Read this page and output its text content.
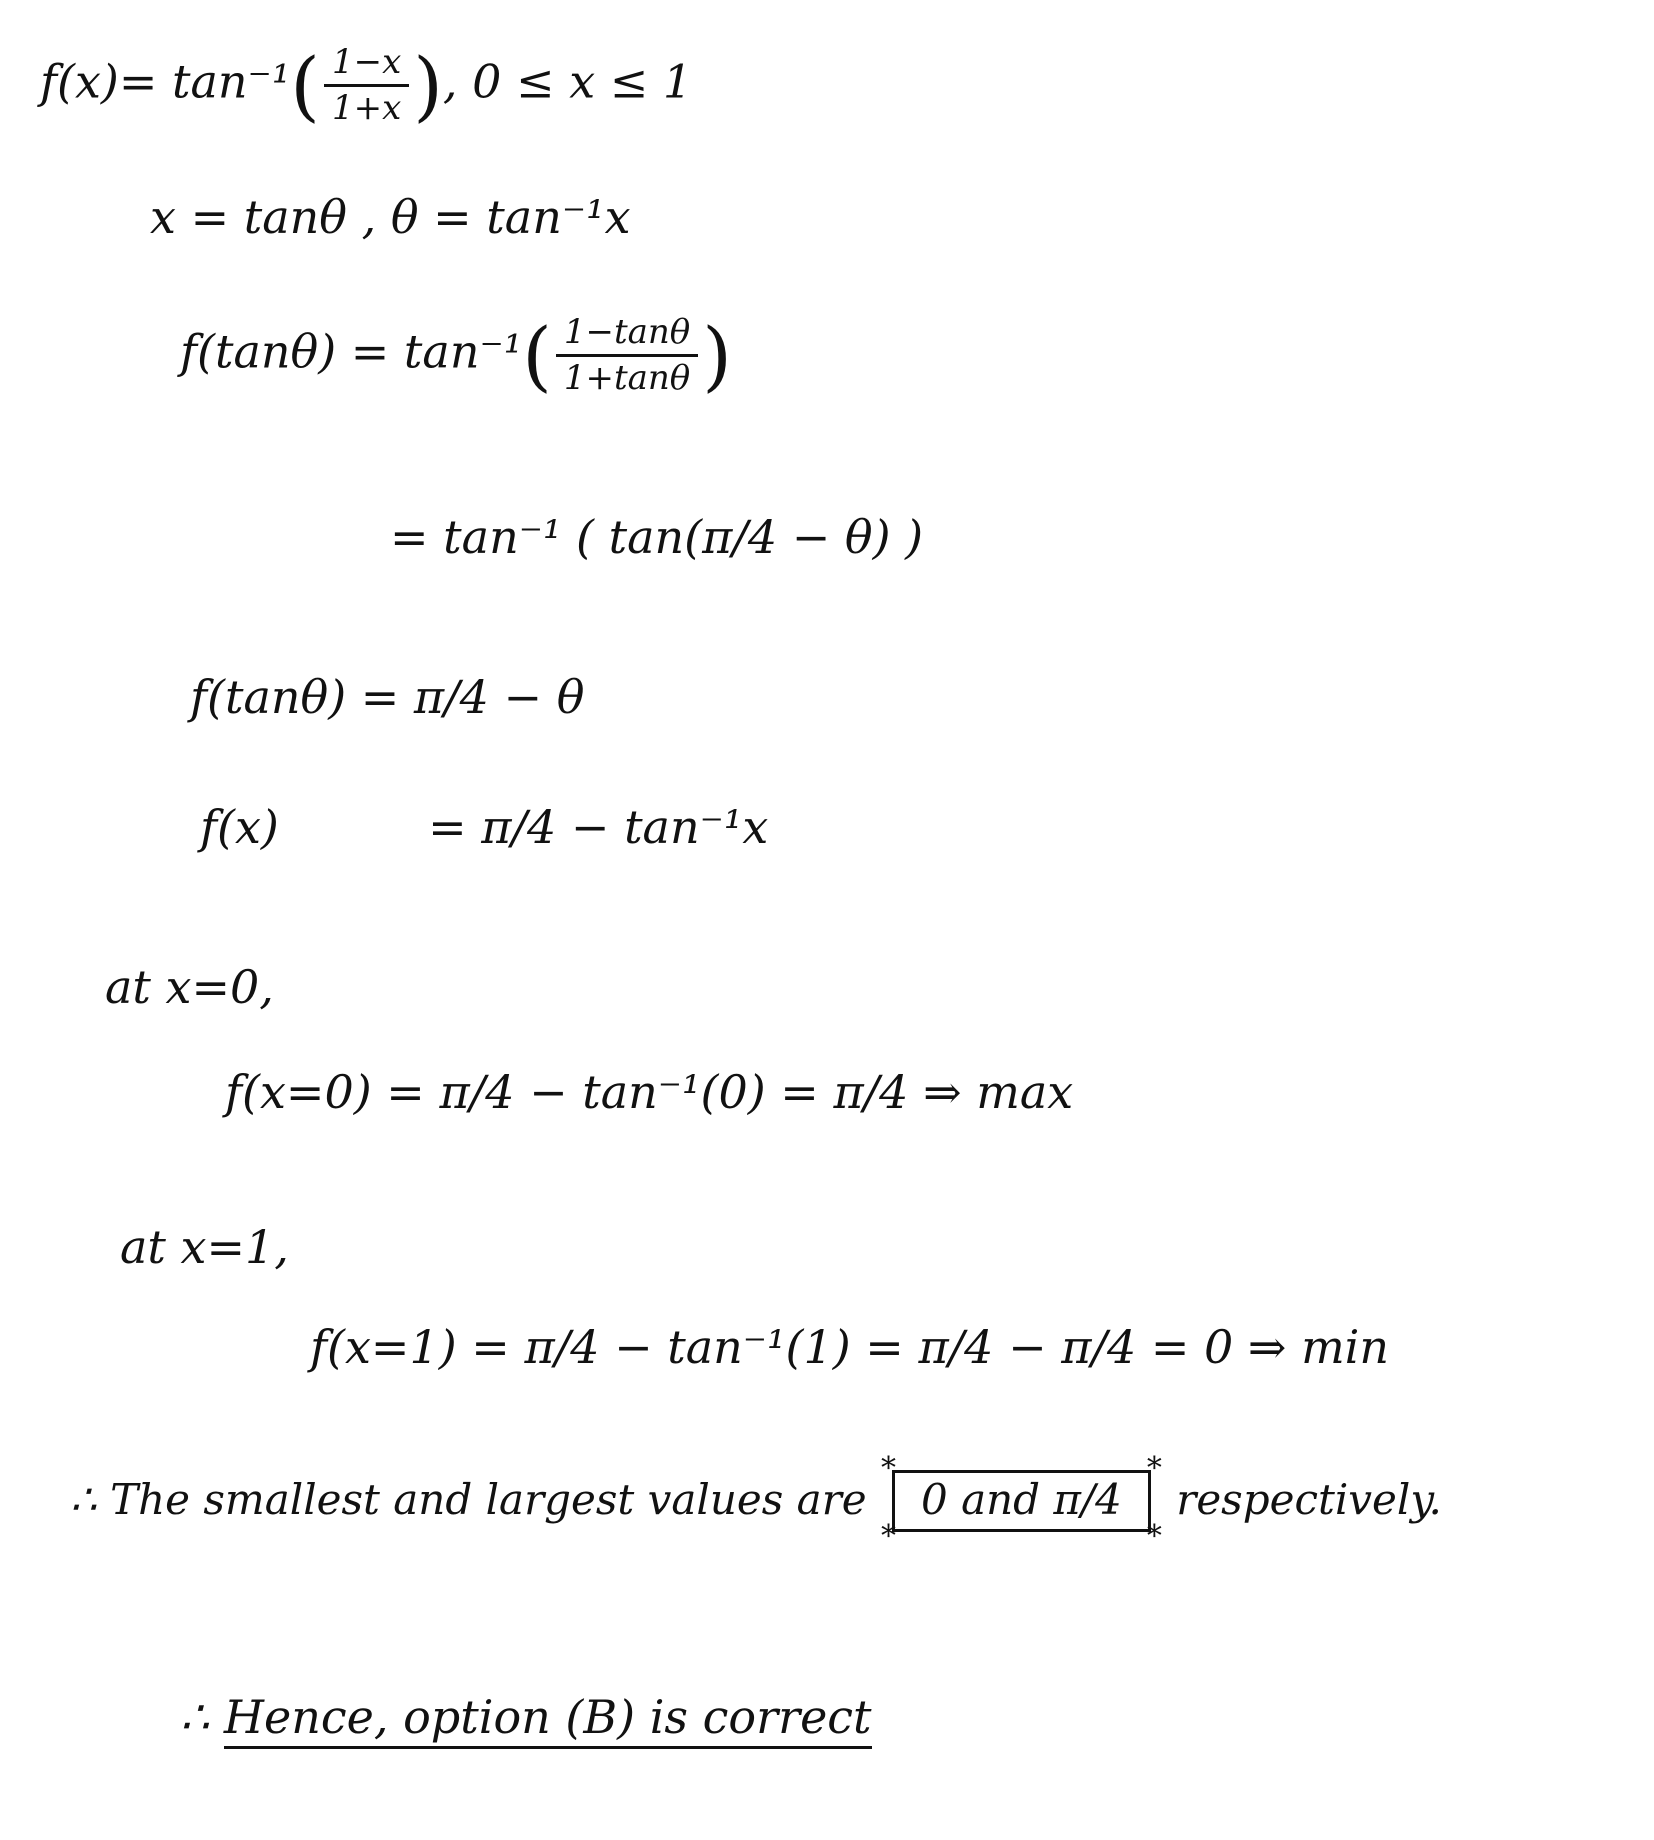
$f(x)= \tan^{-1}( \frac{1-x}{1+x}$ ), 0 ≤ x ≤ 1
x = tanθ , θ = tan⁻¹x
$f(\tan\theta) = \tan^{-1}( \frac{1-\tan\theta}{1+\tan\theta}$ )
= tan⁻¹ ( tan(π/4 − θ) )
f(tanθ) = π/4 − θ
f(x)	= π/4 − tan⁻¹x
at x=0,
f(x=0) = π/4 − tan⁻¹(0) = π/4 ⇒ max
at x=1,
f(x=1) = π/4 − tan⁻¹(1) = π/4 − π/4 = 0 ⇒ min
∴ The smallest and largest values are
*	*
*	*
0 and π/4 respectively.
∴ Hence, option (B) is correct
